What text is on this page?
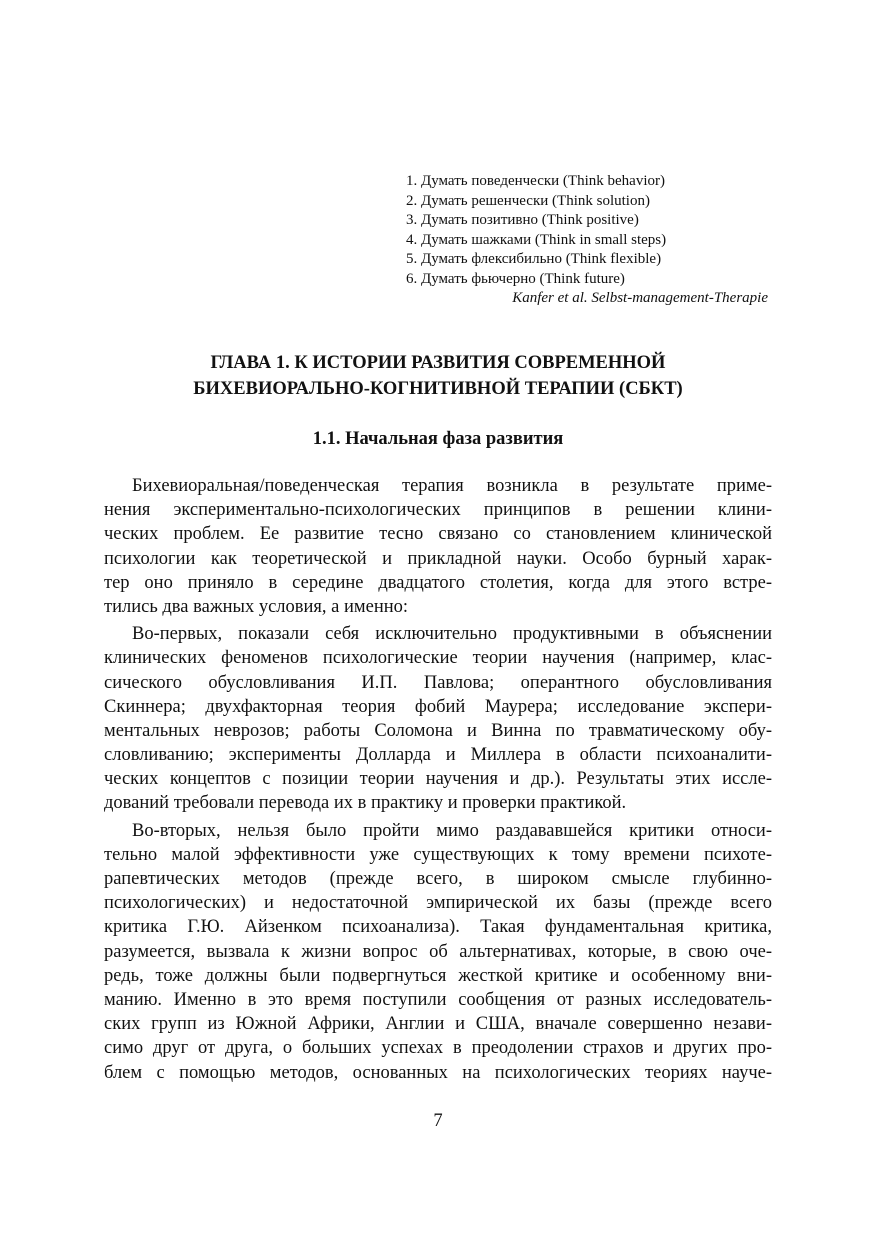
1. Думать поведенчески (Think behavior)
2. Думать решенчески (Think solution)
3. Думать позитивно (Think positive)
4. Думать шажками (Think in small steps)
5. Думать флексибильно (Think flexible)
6. Думать фьючерно (Think future)
Kanfer et al. Selbst-management-Therapie
ГЛАВА 1. К ИСТОРИИ РАЗВИТИЯ СОВРЕМЕННОЙ
БИХЕВИОРАЛЬНО-КОГНИТИВНОЙ ТЕРАПИИ (СБКТ)
1.1. Начальная фаза развития
Бихевиоральная/поведенческая терапия возникла в результате приме-
нения экспериментально-психологических принципов в решении клини-
ческих проблем. Ее развитие тесно связано со становлением клинической
психологии как теоретической и прикладной науки. Особо бурный харак-
тер оно приняло в середине двадцатого столетия, когда для этого встре-
тились два важных условия, а именно:
Во-первых, показали себя исключительно продуктивными в объяснении
клинических феноменов психологические теории научения (например, клас-
сического обусловливания И.П. Павлова; оперантного обусловливания
Скиннера; двухфакторная теория фобий Маурера; исследование экспери-
ментальных неврозов; работы Соломона и Винна по травматическому обу-
словливанию; эксперименты Долларда и Миллера в области психоаналити-
ческих концептов с позиции теории научения и др.). Результаты этих иссле-
дований требовали перевода их в практику и проверки практикой.
Во-вторых, нельзя было пройти мимо раздававшейся критики относи-
тельно малой эффективности уже существующих к тому времени психоте-
рапевтических методов (прежде всего, в широком смысле глубинно-
психологических) и недостаточной эмпирической их базы (прежде всего
критика Г.Ю. Айзенком психоанализа). Такая фундаментальная критика,
разумеется, вызвала к жизни вопрос об альтернативах, которые, в свою оче-
редь, тоже должны были подвергнуться жесткой критике и особенному вни-
манию. Именно в это время поступили сообщения от разных исследователь-
ских групп из Южной Африки, Англии и США, вначале совершенно незави-
симо друг от друга, о больших успехах в преодолении страхов и других про-
блем с помощью методов, основанных на психологических теориях науче-
7
